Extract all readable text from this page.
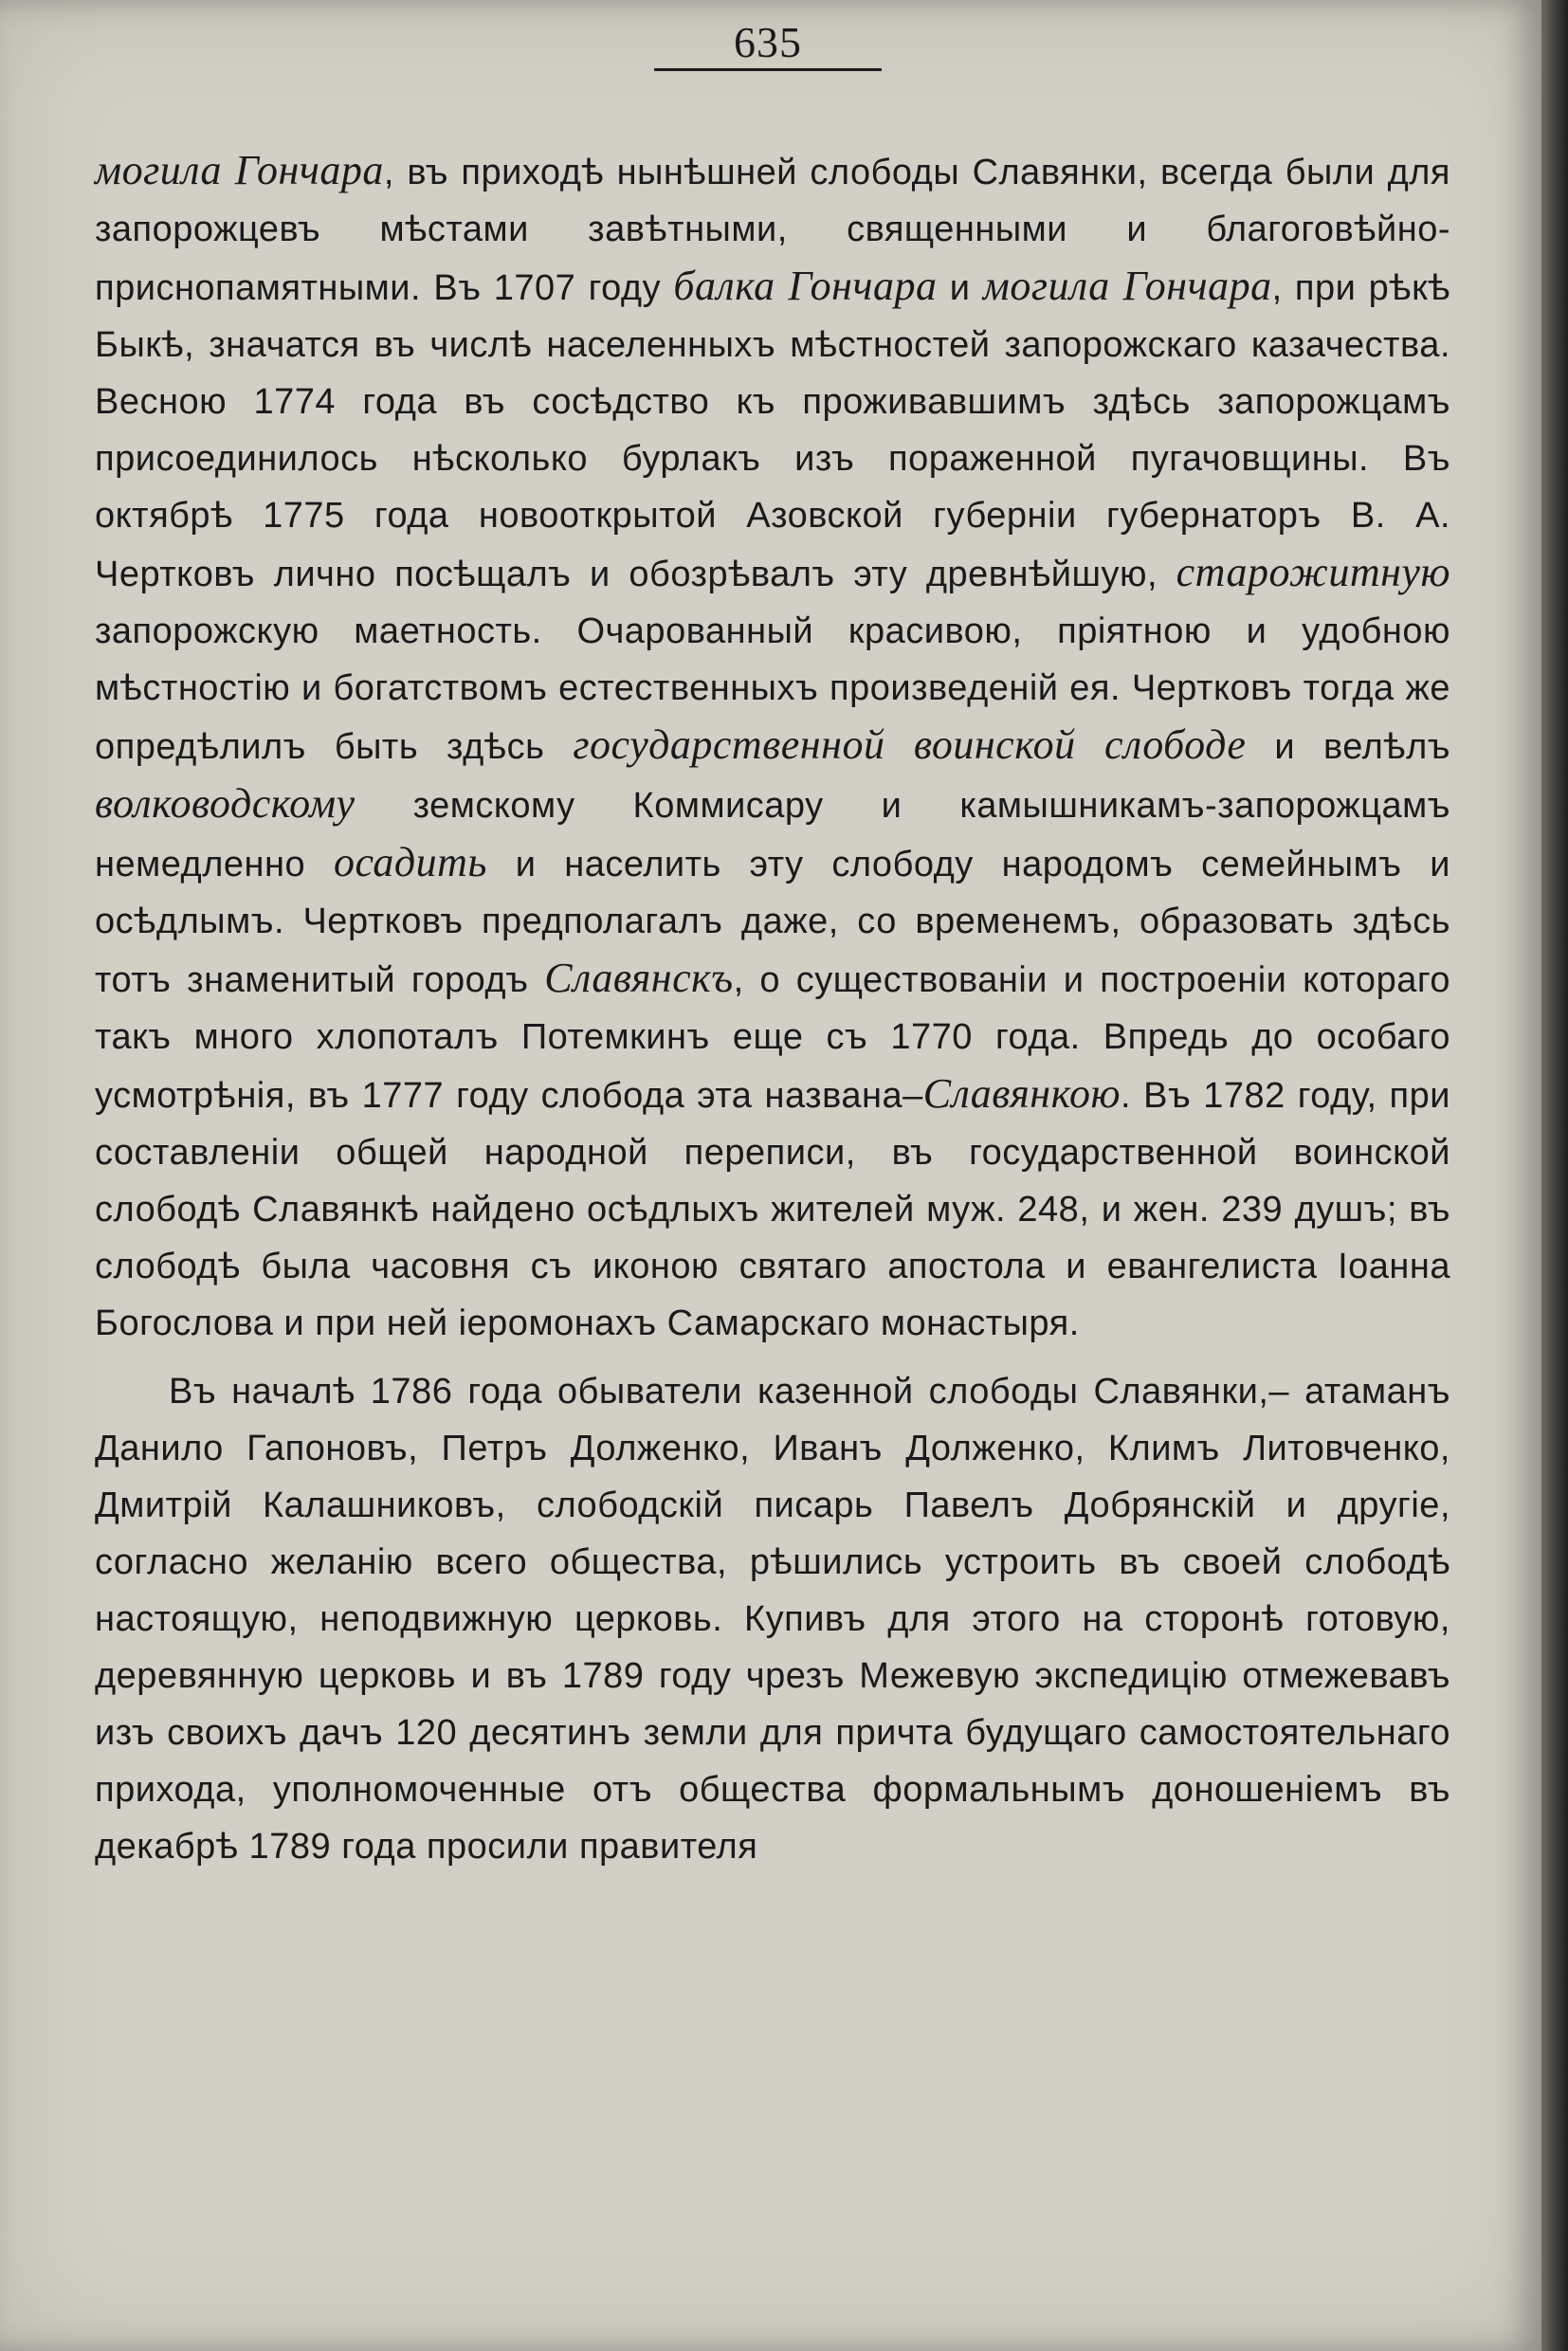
635

могила Гончара, въ приходѣ нынѣшней слободы Славянки, всегда были для запорожцевъ мѣстами завѣтными, священными и благоговѣйно-приснопамятными. Въ 1707 году балка Гончара и могила Гончара, при рѣкѣ Быкѣ, значатся въ числѣ населенныхъ мѣстностей запорожскаго казачества. Весною 1774 года въ сосѣдство къ проживавшимъ здѣсь запорожцамъ присоединилось нѣсколько бурлакъ изъ пораженной пугачовщины. Въ октябрѣ 1775 года новооткрытой Азовской губерніи губернаторъ В. А. Чертковъ лично посѣщалъ и обозрѣвалъ эту древнѣйшую, старожитную запорожскую маетность. Очарованный красивою, пріятною и удобною мѣстностію и богатствомъ естественныхъ произведеній ея. Чертковъ тогда же опредѣлилъ быть здѣсь государственной воинской слободе и велѣлъ волководскому земскому Коммисару и камышникамъ-запорожцамъ немедленно осадить и населить эту слободу народомъ семейнымъ и осѣдлымъ. Чертковъ предполагалъ даже, со временемъ, образовать здѣсь тотъ знаменитый городъ Славянскъ, о существованіи и построеніи котораго такъ много хлопоталъ Потемкинъ еще съ 1770 года. Впредь до особаго усмотрѣнія, въ 1777 году слобода эта названа–Славянкою. Въ 1782 году, при составленіи общей народной переписи, въ государственной воинской слободѣ Славянкѣ найдено осѣдлыхъ жителей муж. 248, и жен. 239 душъ; въ слободѣ была часовня съ иконою святаго апостола и евангелиста Іоанна Богослова и при ней іеромонахъ Самарскаго монастыря.

Въ началѣ 1786 года обыватели казенной слободы Славянки,– атаманъ Данило Гапоновъ, Петръ Долженко, Иванъ Долженко, Климъ Литовченко, Дмитрій Калашниковъ, слободскій писарь Павелъ Добрянскій и другіе, согласно желанію всего общества, рѣшились устроить въ своей слободѣ настоящую, неподвижную церковь. Купивъ для этого на сторонѣ готовую, деревянную церковь и въ 1789 году чрезъ Межевую экспедицію отмежевавъ изъ своихъ дачъ 120 десятинъ земли для причта будущаго самостоятельнаго прихода, уполномоченные отъ общества формальнымъ доношеніемъ въ декабрѣ 1789 года просили правителя
